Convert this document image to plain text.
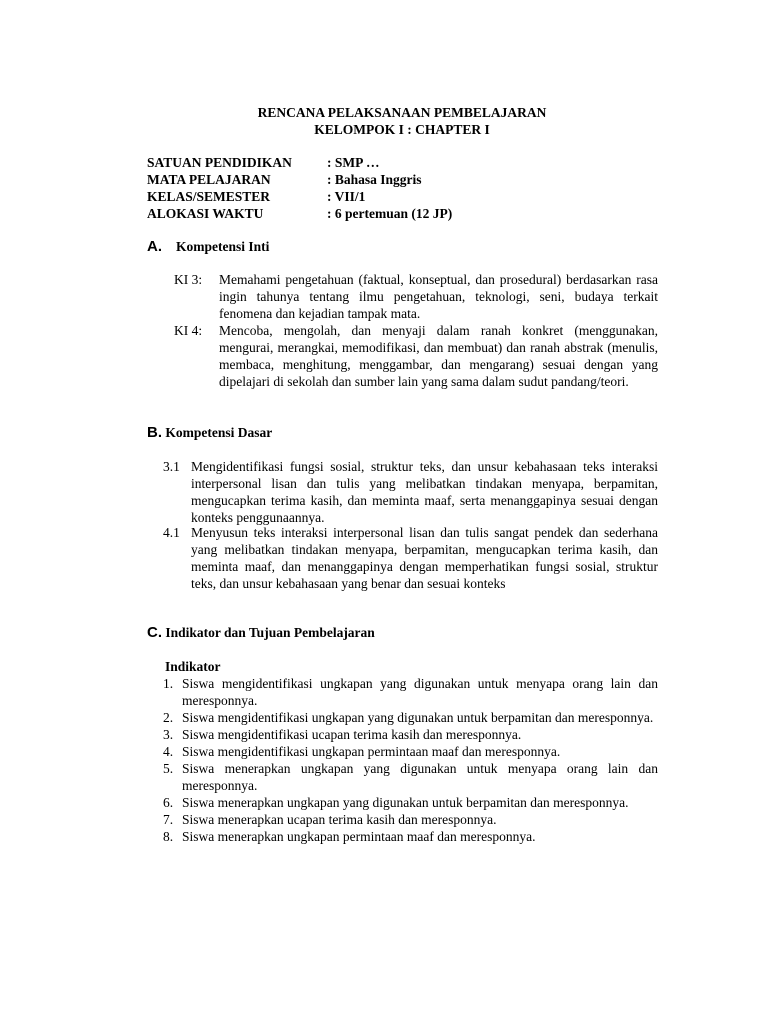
RENCANA PELAKSANAAN PEMBELAJARAN
KELOMPOK I : CHAPTER I
SATUAN PENDIDIKAN	: SMP …
MATA PELAJARAN	: Bahasa Inggris
KELAS/SEMESTER	: VII/1
ALOKASI WAKTU	: 6 pertemuan (12 JP)
A. Kompetensi Inti
KI 3:	Memahami pengetahuan (faktual, konseptual, dan prosedural) berdasarkan rasa ingin tahunya tentang ilmu pengetahuan, teknologi, seni, budaya terkait fenomena dan kejadian tampak mata.
KI 4:	Mencoba, mengolah, dan menyaji dalam ranah konkret (menggunakan, mengurai, merangkai, memodifikasi, dan membuat) dan ranah abstrak (menulis, membaca, menghitung, menggambar, dan mengarang) sesuai dengan yang dipelajari di sekolah dan sumber lain yang sama dalam sudut pandang/teori.
B. Kompetensi Dasar
3.1 Mengidentifikasi fungsi sosial, struktur teks, dan unsur kebahasaan teks interaksi interpersonal lisan dan tulis yang melibatkan tindakan menyapa, berpamitan, mengucapkan terima kasih, dan meminta maaf, serta menanggapinya sesuai dengan konteks penggunaannya.
4.1 Menyusun teks interaksi interpersonal lisan dan tulis sangat pendek dan sederhana yang melibatkan tindakan menyapa, berpamitan, mengucapkan terima kasih, dan meminta maaf, dan menanggapinya dengan memperhatikan fungsi sosial, struktur teks, dan unsur kebahasaan yang benar dan sesuai konteks
C. Indikator dan Tujuan Pembelajaran
Indikator
1. Siswa mengidentifikasi ungkapan yang digunakan untuk menyapa orang lain dan meresponnya.
2. Siswa mengidentifikasi ungkapan yang digunakan untuk berpamitan dan meresponnya.
3. Siswa mengidentifikasi ucapan terima kasih dan meresponnya.
4. Siswa mengidentifikasi ungkapan permintaan maaf dan meresponnya.
5. Siswa menerapkan ungkapan yang digunakan untuk menyapa orang lain dan meresponnya.
6. Siswa menerapkan ungkapan yang digunakan untuk berpamitan dan meresponnya.
7. Siswa menerapkan ucapan terima kasih dan meresponnya.
8. Siswa menerapkan ungkapan permintaan maaf dan meresponnya.
